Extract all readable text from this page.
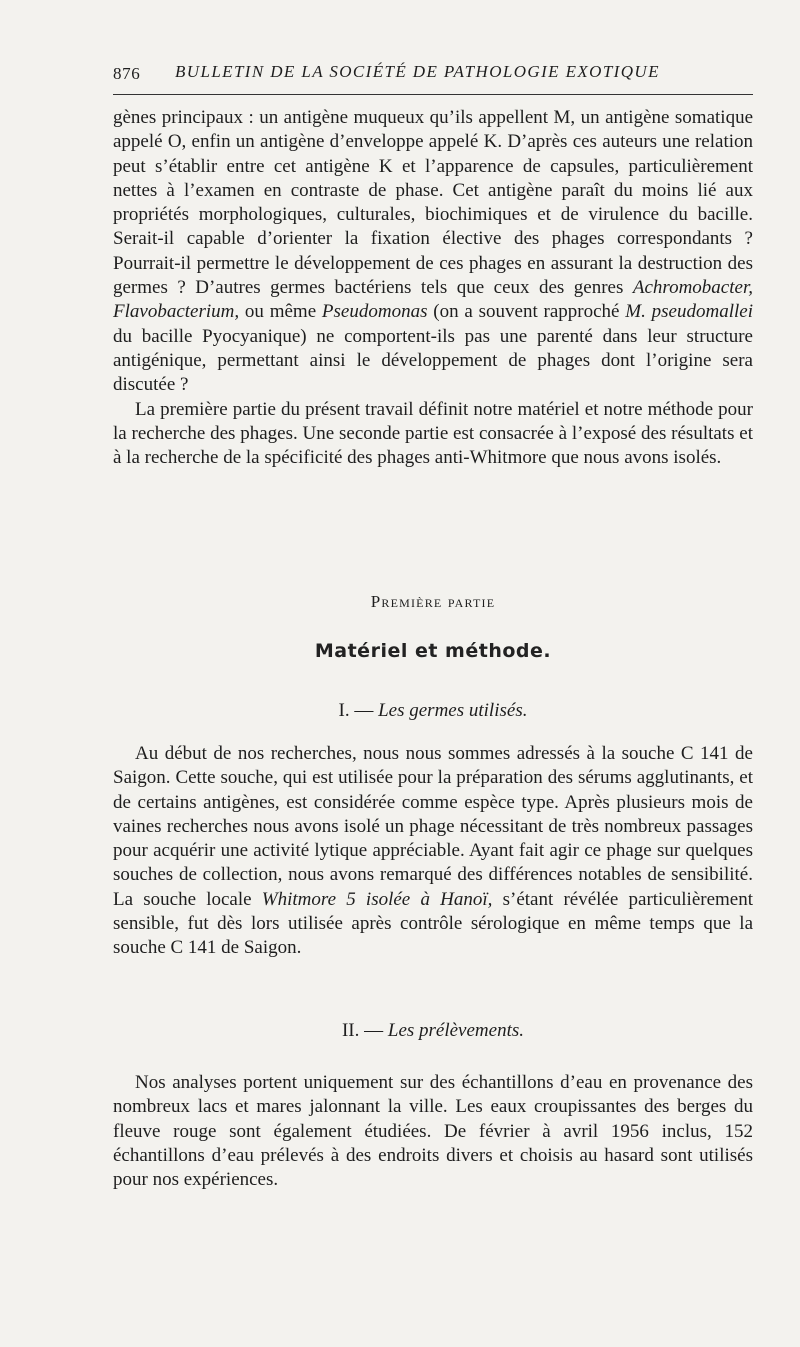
876 BULLETIN DE LA SOCIÉTÉ DE PATHOLOGIE EXOTIQUE

gènes principaux : un antigène muqueux qu’ils appellent M, un antigène somatique appelé O, enfin un antigène d’enveloppe appelé K. D’après ces auteurs une relation peut s’établir entre cet antigène K et l’apparence de capsules, particulièrement nettes à l’examen en contraste de phase. Cet antigène paraît du moins lié aux propriétés morphologiques, culturales, biochimiques et de virulence du bacille. Serait-il capable d’orienter la fixation élective des phages correspondants ? Pourrait-il permettre le développement de ces phages en assurant la destruction des germes ? D’autres germes bactériens tels que ceux des genres Achromobacter, Flavobacterium, ou même Pseudomonas (on a souvent rapproché M. pseudomallei du bacille Pyocyanique) ne comportent-ils pas une parenté dans leur structure antigénique, permettant ainsi le développement de phages dont l’origine sera discutée ?

La première partie du présent travail définit notre matériel et notre méthode pour la recherche des phages. Une seconde partie est consacrée à l’exposé des résultats et à la recherche de la spécificité des phages anti-Whitmore que nous avons isolés.

Première partie
Matériel et méthode.
I. — Les germes utilisés.

Au début de nos recherches, nous nous sommes adressés à la souche C 141 de Saigon. Cette souche, qui est utilisée pour la préparation des sérums agglutinants, et de certains antigènes, est considérée comme espèce type. Après plusieurs mois de vaines recherches nous avons isolé un phage nécessitant de très nombreux passages pour acquérir une activité lytique appréciable. Ayant fait agir ce phage sur quelques souches de collection, nous avons remarqué des différences notables de sensibilité. La souche locale Whitmore 5 isolée à Hanoï, s’étant révélée particulièrement sensible, fut dès lors utilisée après contrôle sérologique en même temps que la souche C 141 de Saigon.

II. — Les prélèvements.

Nos analyses portent uniquement sur des échantillons d’eau en provenance des nombreux lacs et mares jalonnant la ville. Les eaux croupissantes des berges du fleuve rouge sont également étudiées. De février à avril 1956 inclus, 152 échantillons d’eau prélevés à des endroits divers et choisis au hasard sont utilisés pour nos expériences.
